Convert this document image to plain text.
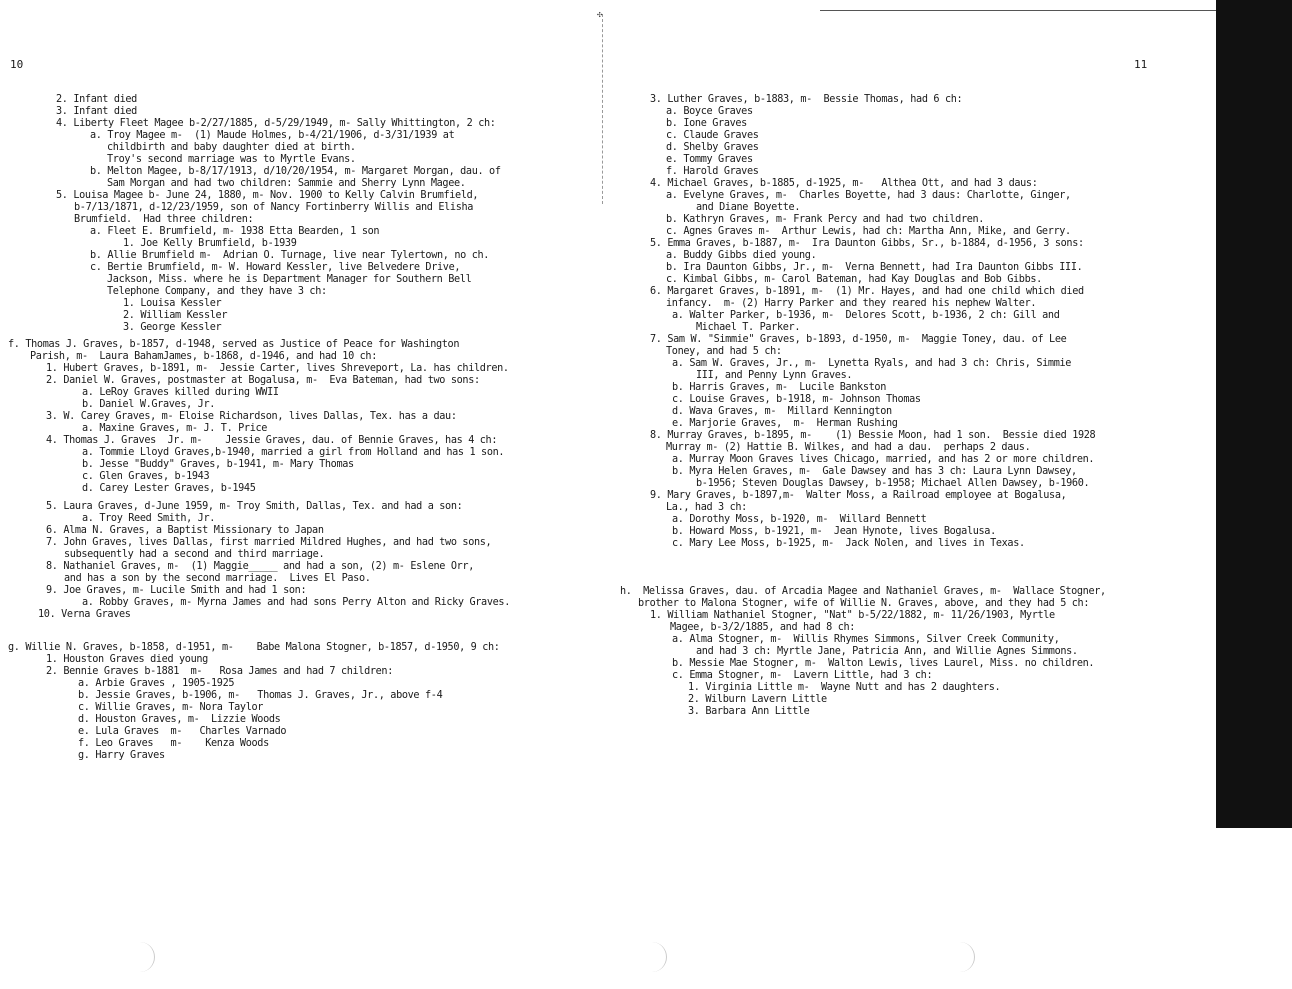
✣
10
2. Infant died
3. Infant died
4. Liberty Fleet Magee b-2/27/1885, d-5/29/1949, m- Sally Whittington, 2 ch:
a. Troy Magee m-  (1) Maude Holmes, b-4/21/1906, d-3/31/1939 at
childbirth and baby daughter died at birth.
Troy's second marriage was to Myrtle Evans.
b. Melton Magee, b-8/17/1913, d/10/20/1954, m- Margaret Morgan, dau. of
Sam Morgan and had two children: Sammie and Sherry Lynn Magee.
5. Louisa Magee b- June 24, 1880, m- Nov. 1900 to Kelly Calvin Brumfield,
b-7/13/1871, d-12/23/1959, son of Nancy Fortinberry Willis and Elisha
Brumfield.  Had three children:
a. Fleet E. Brumfield, m- 1938 Etta Bearden, 1 son
1. Joe Kelly Brumfield, b-1939
b. Allie Brumfield m-  Adrian O. Turnage, live near Tylertown, no ch.
c. Bertie Brumfield, m- W. Howard Kessler, live Belvedere Drive,
Jackson, Miss. where he is Department Manager for Southern Bell
Telephone Company, and they have 3 ch:
1. Louisa Kessler
2. William Kessler
3. George Kessler
f. Thomas J. Graves, b-1857, d-1948, served as Justice of Peace for Washington
Parish, m-  Laura BahamJames, b-1868, d-1946, and had 10 ch:
1. Hubert Graves, b-1891, m-  Jessie Carter, lives Shreveport, La. has children.
2. Daniel W. Graves, postmaster at Bogalusa, m-  Eva Bateman, had two sons:
a. LeRoy Graves killed during WWII
b. Daniel W.Graves, Jr.
3. W. Carey Graves, m- Eloise Richardson, lives Dallas, Tex. has a dau:
a. Maxine Graves, m- J. T. Price
4. Thomas J. Graves  Jr. m-    Jessie Graves, dau. of Bennie Graves, has 4 ch:
a. Tommie Lloyd Graves,b-1940, married a girl from Holland and has 1 son.
b. Jesse "Buddy" Graves, b-1941, m- Mary Thomas
c. Glen Graves, b-1943
d. Carey Lester Graves, b-1945
5. Laura Graves, d-June 1959, m- Troy Smith, Dallas, Tex. and had a son:
a. Troy Reed Smith, Jr.
6. Alma N. Graves, a Baptist Missionary to Japan
7. John Graves, lives Dallas, first married Mildred Hughes, and had two sons,
subsequently had a second and third marriage.
8. Nathaniel Graves, m-  (1) Maggie_____ and had a son, (2) m- Eslene Orr,
and has a son by the second marriage.  Lives El Paso.
9. Joe Graves, m- Lucile Smith and had 1 son:
a. Robby Graves, m- Myrna James and had sons Perry Alton and Ricky Graves.
10. Verna Graves
g. Willie N. Graves, b-1858, d-1951, m-    Babe Malona Stogner, b-1857, d-1950, 9 ch:
1. Houston Graves died young
2. Bennie Graves b-1881  m-   Rosa James and had 7 children:
a. Arbie Graves , 1905-1925
b. Jessie Graves, b-1906, m-   Thomas J. Graves, Jr., above f-4
c. Willie Graves, m- Nora Taylor
d. Houston Graves, m-  Lizzie Woods
e. Lula Graves  m-   Charles Varnado
f. Leo Graves   m-    Kenza Woods
g. Harry Graves
11
3. Luther Graves, b-1883, m-  Bessie Thomas, had 6 ch:
a. Boyce Graves
b. Ione Graves
c. Claude Graves
d. Shelby Graves
e. Tommy Graves
f. Harold Graves
4. Michael Graves, b-1885, d-1925, m-   Althea Ott, and had 3 daus:
a. Evelyne Graves, m-  Charles Boyette, had 3 daus: Charlotte, Ginger,
and Diane Boyette.
b. Kathryn Graves, m- Frank Percy and had two children.
c. Agnes Graves m-  Arthur Lewis, had ch: Martha Ann, Mike, and Gerry.
5. Emma Graves, b-1887, m-  Ira Daunton Gibbs, Sr., b-1884, d-1956, 3 sons:
a. Buddy Gibbs died young.
b. Ira Daunton Gibbs, Jr., m-  Verna Bennett, had Ira Daunton Gibbs III.
c. Kimbal Gibbs, m- Carol Bateman, had Kay Douglas and Bob Gibbs.
6. Margaret Graves, b-1891, m-  (1) Mr. Hayes, and had one child which died
infancy.  m- (2) Harry Parker and they reared his nephew Walter.
a. Walter Parker, b-1936, m-  Delores Scott, b-1936, 2 ch: Gill and
Michael T. Parker.
7. Sam W. "Simmie" Graves, b-1893, d-1950, m-  Maggie Toney, dau. of Lee
Toney, and had 5 ch:
a. Sam W. Graves, Jr., m-  Lynetta Ryals, and had 3 ch: Chris, Simmie
III, and Penny Lynn Graves.
b. Harris Graves, m-  Lucile Bankston
c. Louise Graves, b-1918, m- Johnson Thomas
d. Wava Graves, m-  Millard Kennington
e. Marjorie Graves,  m-  Herman Rushing
8. Murray Graves, b-1895, m-    (1) Bessie Moon, had 1 son.  Bessie died 1928
Murray m- (2) Hattie B. Wilkes, and had a dau.  perhaps 2 daus.
a. Murray Moon Graves lives Chicago, married, and has 2 or more children.
b. Myra Helen Graves, m-  Gale Dawsey and has 3 ch: Laura Lynn Dawsey,
b-1956; Steven Douglas Dawsey, b-1958; Michael Allen Dawsey, b-1960.
9. Mary Graves, b-1897,m-  Walter Moss, a Railroad employee at Bogalusa,
La., had 3 ch:
a. Dorothy Moss, b-1920, m-  Willard Bennett
b. Howard Moss, b-1921, m-  Jean Hynote, lives Bogalusa.
c. Mary Lee Moss, b-1925, m-  Jack Nolen, and lives in Texas.
h.  Melissa Graves, dau. of Arcadia Magee and Nathaniel Graves, m-  Wallace Stogner,
brother to Malona Stogner, wife of Willie N. Graves, above, and they had 5 ch:
1. William Nathaniel Stogner, "Nat" b-5/22/1882, m- 11/26/1903, Myrtle
Magee, b-3/2/1885, and had 8 ch:
a. Alma Stogner, m-  Willis Rhymes Simmons, Silver Creek Community,
and had 3 ch: Myrtle Jane, Patricia Ann, and Willie Agnes Simmons.
b. Messie Mae Stogner, m-  Walton Lewis, lives Laurel, Miss. no children.
c. Emma Stogner, m-  Lavern Little, had 3 ch:
1. Virginia Little m-  Wayne Nutt and has 2 daughters.
2. Wilburn Lavern Little
3. Barbara Ann Little
